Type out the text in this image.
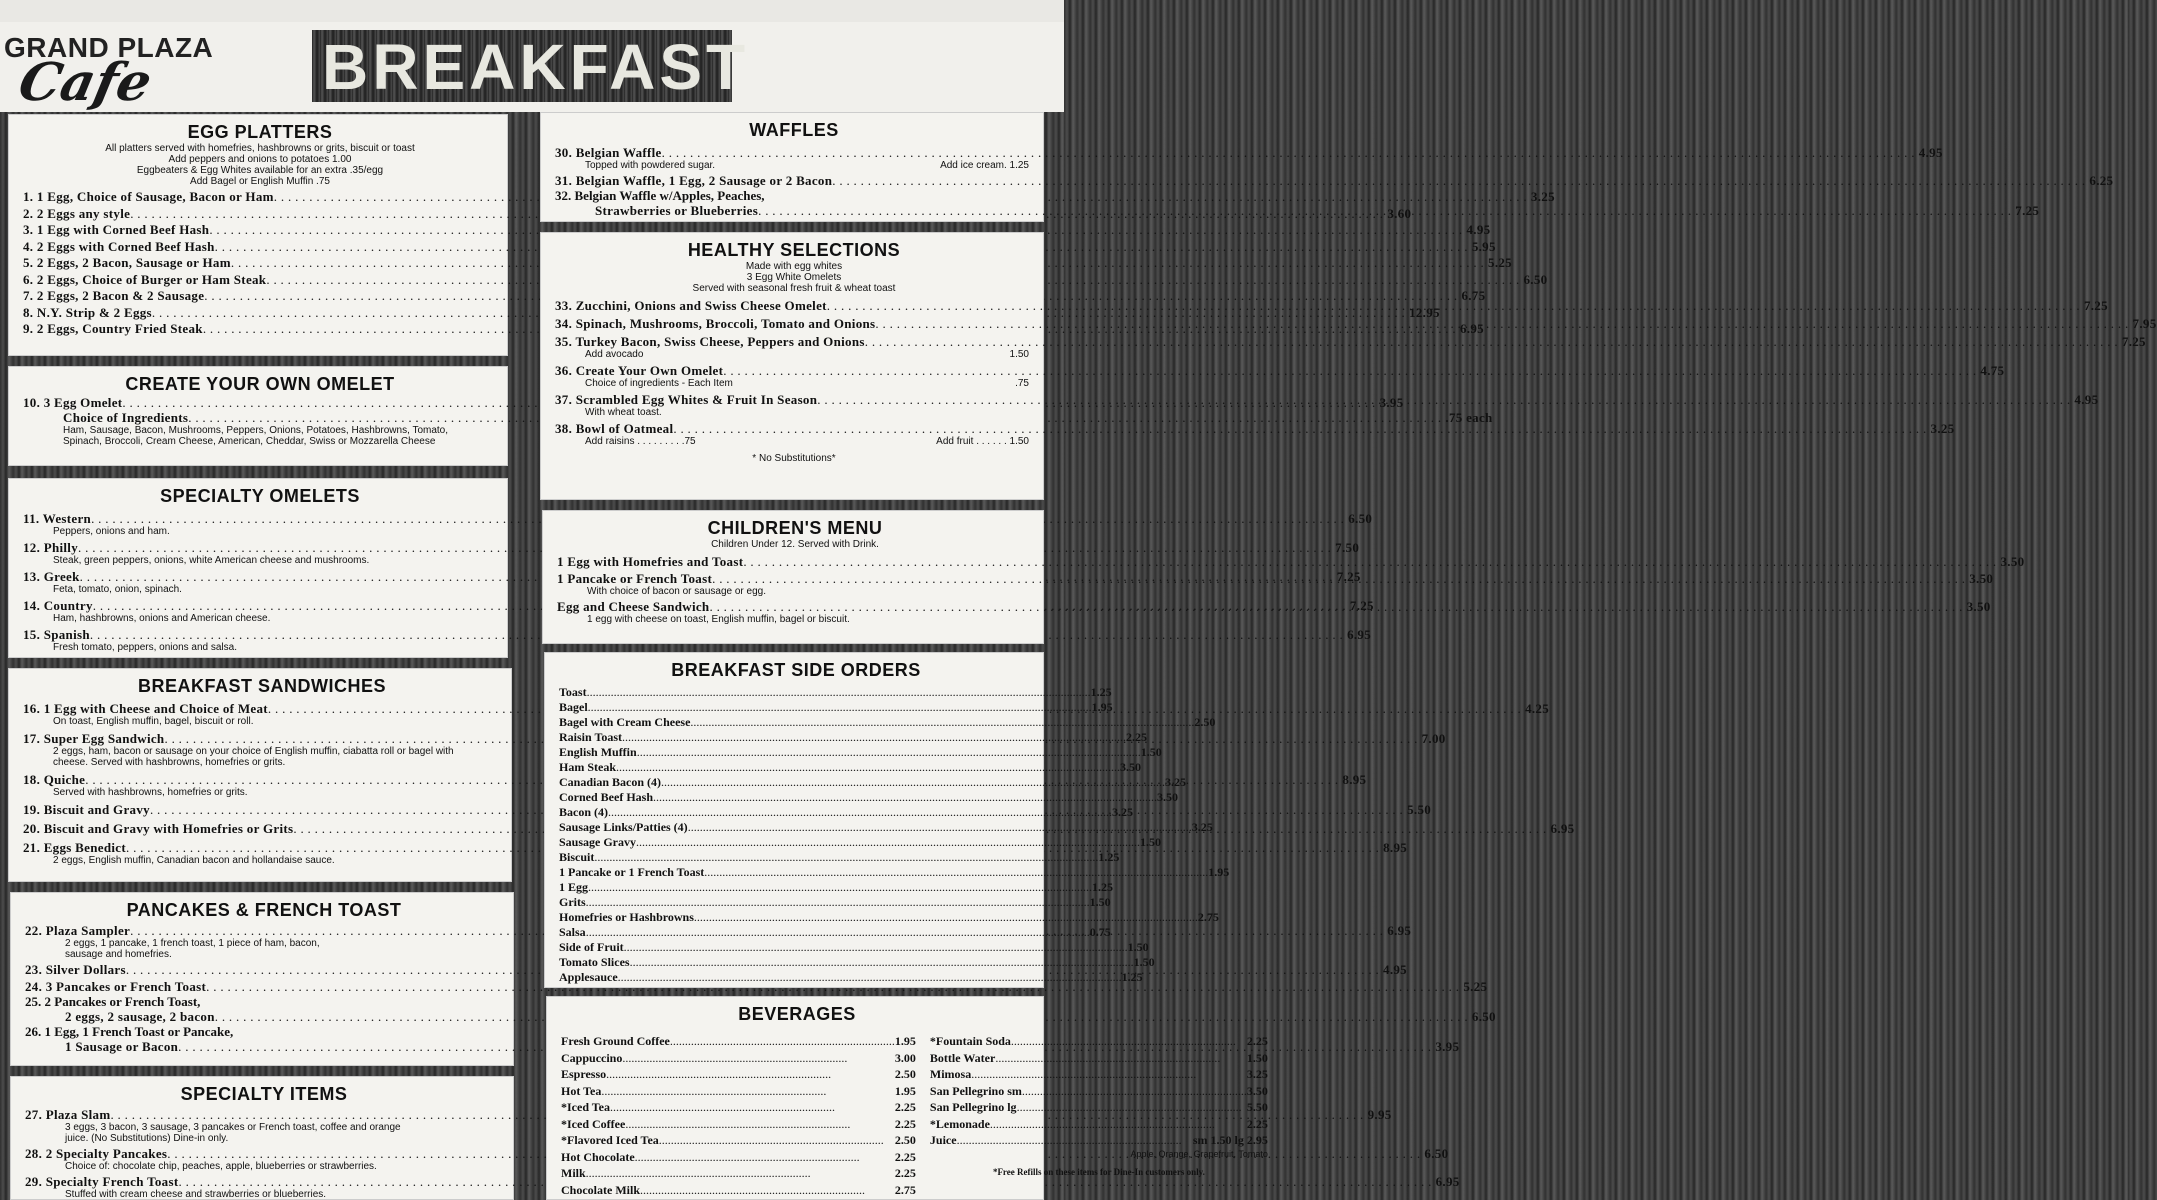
GRAND PLAZA
Cafe	BREAKFAST
EGG PLATTERS
All platters served with homefries, hashbrowns or grits, biscuit or toast
Add peppers and onions to potatoes 1.00
Eggbeaters & Egg Whites available for an extra .35/egg
Add Bagel or English Muffin .75
1. 1 Egg, Choice of Sausage, Bacon or Ham . . .	3.25
2. 2 Eggs any style . . .	3.60
3. 1 Egg with Corned Beef Hash . . .	4.95
4. 2 Eggs with Corned Beef Hash . . .	5.95
5. 2 Eggs, 2 Bacon, Sausage or Ham . . .	5.25
6. 2 Eggs, Choice of Burger or Ham Steak . . .	6.50
7. 2 Eggs, 2 Bacon & 2 Sausage . . .	6.75
8. N.Y. Strip & 2 Eggs . . .	12.95
9. 2 Eggs, Country Fried Steak . . .	6.95
CREATE YOUR OWN OMELET
10. 3 Egg Omelet . . .	3.95
Choice of Ingredients . . .	.75 each
Ham, Sausage, Bacon, Mushrooms, Peppers, Onions, Potatoes, Hashbrowns, Tomato, Spinach, Broccoli, Cream Cheese, American, Cheddar, Swiss or Mozzarella Cheese
SPECIALTY OMELETS
11. Western . . .	6.50
Peppers, onions and ham.
12. Philly . . .	7.50
Steak, green peppers, onions, white American cheese and mushrooms.
13. Greek . . .	7.25
Feta, tomato, onion, spinach.
14. Country . . .	7.25
Ham, hashbrowns, onions and American cheese.
15. Spanish . . .	6.95
Fresh tomato, peppers, onions and salsa.
BREAKFAST SANDWICHES
16. 1 Egg with Cheese and Choice of Meat . . .	4.25
On toast, English muffin, bagel, biscuit or roll.
17. Super Egg Sandwich . . .	7.00
2 eggs, ham, bacon or sausage on your choice of English muffin, ciabatta roll or bagel with cheese. Served with hashbrowns, homefries or grits.
18. Quiche . . .	8.95
Served with hashbrowns, homefries or grits.
19. Biscuit and Gravy . . .	5.50
20. Biscuit and Gravy with Homefries or Grits . . .	6.95
21. Eggs Benedict . . .	8.95
2 eggs, English muffin, Canadian bacon and hollandaise sauce.
PANCAKES & FRENCH TOAST
22. Plaza Sampler . . .	6.95
2 eggs, 1 pancake, 1 french toast, 1 piece of ham, bacon, sausage and homefries.
23. Silver Dollars . . .	4.95
24. 3 Pancakes or French Toast . . .	5.25
25. 2 Pancakes or French Toast,
2 eggs, 2 sausage, 2 bacon . . .	6.50
26. 1 Egg, 1 French Toast or Pancake,
1 Sausage or Bacon . . .	3.95
SPECIALTY ITEMS
27. Plaza Slam . . .	9.95
3 eggs, 3 bacon, 3 sausage, 3 pancakes or French toast, coffee and orange juice. (No Substitutions) Dine-in only.
28. 2 Specialty Pancakes . . .	6.50
Choice of: chocolate chip, peaches, apple, blueberries or strawberries.
29. Specialty French Toast . . .	6.95
Stuffed with cream cheese and strawberries or blueberries.
WAFFLES
30. Belgian Waffle . . .	4.95
Topped with powdered sugar.	Add ice cream. 1.25
31. Belgian Waffle, 1 Egg, 2 Sausage or 2 Bacon . . .	6.25
32. Belgian Waffle w/Apples, Peaches,
Strawberries or Blueberries . . .	7.25
HEALTHY SELECTIONS
Made with egg whites
3 Egg White Omelets
Served with seasonal fresh fruit & wheat toast
33. Zucchini, Onions and Swiss Cheese Omelet . . .	7.25
34. Spinach, Mushrooms, Broccoli, Tomato and Onions . . .	7.95
35. Turkey Bacon, Swiss Cheese, Peppers and Onions . . .	7.25
Add avocado	1.50
36. Create Your Own Omelet . . .	4.75
Choice of ingredients - Each Item	.75
37. Scrambled Egg Whites & Fruit In Season . . .	4.95
With wheat toast.
38. Bowl of Oatmeal . . .	3.25
Add raisins . . . . . . . . .75	Add fruit . . . . . . 1.50
* No Substitutions*
CHILDREN'S MENU
Children Under 12. Served with Drink.
1 Egg with Homefries and Toast . . .	3.50
1 Pancake or French Toast . . .	3.50
With choice of bacon or sausage or egg.
Egg and Cheese Sandwich . . .	3.50
1 egg with cheese on toast, English muffin, bagel or biscuit.
BREAKFAST SIDE ORDERS
Toast .....	1.25
Bagel .....	1.95
Bagel with Cream Cheese .....	2.50
Raisin Toast .....	2.25
English Muffin .....	1.50
Ham Steak .....	3.50
Canadian Bacon (4) .....	3.25
Corned Beef Hash .....	3.50
Bacon (4) .....	3.25
Sausage Links/Patties (4) .....	3.25
Sausage Gravy .....	1.50
Biscuit .....	1.25
1 Pancake or 1 French Toast .....	1.95
1 Egg .....	1.25
Grits .....	1.50
Homefries or Hashbrowns .....	2.75
Salsa .....	0.75
Side of Fruit .....	1.50
Tomato Slices .....	1.50
Applesauce .....	1.25
BEVERAGES
Fresh Ground Coffee .....	1.95
Cappuccino .....	3.00
Espresso .....	2.50
Hot Tea .....	1.95
*Iced Tea .....	2.25
*Iced Coffee .....	2.25
*Flavored Iced Tea .....	2.50
Hot Chocolate .....	2.25
Milk .....	2.25
Chocolate Milk .....	2.75
*Fountain Soda .....	2.25
Bottle Water .....	1.50
Mimosa .....	3.25
San Pellegrino sm .....	3.50
San Pellegrino lg .....	5.50
*Lemonade .....	2.25
Juice .....	sm 1.50 lg 2.95
Apple, Orange, Grapefruit, Tomato
*Free Refills on these items for Dine-In customers only.
